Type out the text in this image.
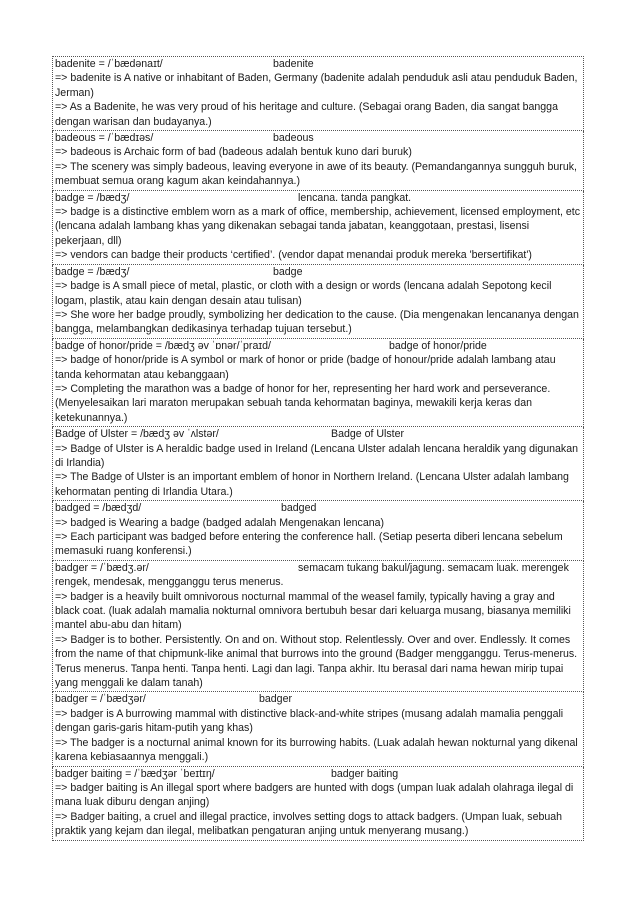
badenite = /ˈbædənaɪt/	badenite
=> badenite is A native or inhabitant of Baden, Germany (badenite adalah penduduk asli atau penduduk Baden, Jerman)
=> As a Badenite, he was very proud of his heritage and culture. (Sebagai orang Baden, dia sangat bangga dengan warisan dan budayanya.)
badeous = /ˈbædɪəs/	badeous
=> badeous is Archaic form of bad (badeous adalah bentuk kuno dari buruk)
=> The scenery was simply badeous, leaving everyone in awe of its beauty. (Pemandangannya sungguh buruk, membuat semua orang kagum akan keindahannya.)
badge = /bædʒ/	lencana. tanda pangkat.
=> badge is a distinctive emblem worn as a mark of office, membership, achievement, licensed employment, etc (lencana adalah lambang khas yang dikenakan sebagai tanda jabatan, keanggotaan, prestasi, lisensi pekerjaan, dll)
=> vendors can badge their products ‘certified’. (vendor dapat menandai produk mereka 'bersertifikat')
badge = /bædʒ/	badge
=> badge is A small piece of metal, plastic, or cloth with a design or words (lencana adalah Sepotong kecil logam, plastik, atau kain dengan desain atau tulisan)
=> She wore her badge proudly, symbolizing her dedication to the cause. (Dia mengenakan lencananya dengan bangga, melambangkan dedikasinya terhadap tujuan tersebut.)
badge of honor/pride = /bædʒ əv ˈɒnər/ˈpraɪd/	badge of honor/pride
=> badge of honor/pride is A symbol or mark of honor or pride (badge of honour/pride adalah lambang atau tanda kehormatan atau kebanggaan)
=> Completing the marathon was a badge of honor for her, representing her hard work and perseverance. (Menyelesaikan lari maraton merupakan sebuah tanda kehormatan baginya, mewakili kerja keras dan ketekunannya.)
Badge of Ulster = /bædʒ əv ˈʌlstər/	Badge of Ulster
=> Badge of Ulster is A heraldic badge used in Ireland (Lencana Ulster adalah lencana heraldik yang digunakan di Irlandia)
=> The Badge of Ulster is an important emblem of honor in Northern Ireland. (Lencana Ulster adalah lambang kehormatan penting di Irlandia Utara.)
badged = /bædʒd/	badged
=> badged is Wearing a badge (badged adalah Mengenakan lencana)
=> Each participant was badged before entering the conference hall. (Setiap peserta diberi lencana sebelum memasuki ruang konferensi.)
badger = /ˈbædʒ.ər/	semacam tukang bakul/jagung. semacam luak. merengek rengek, mendesak, mengganggu terus menerus.
=> badger is a heavily built omnivorous nocturnal mammal of the weasel family, typically having a gray and black coat. (luak adalah mamalia nokturnal omnivora bertubuh besar dari keluarga musang, biasanya memiliki mantel abu-abu dan hitam)
=> Badger is to bother. Persistently. On and on. Without stop. Relentlessly. Over and over. Endlessly. It comes from the name of that chipmunk-like animal that burrows into the ground (Badger mengganggu. Terus-menerus. Terus menerus. Tanpa henti. Tanpa henti. Lagi dan lagi. Tanpa akhir. Itu berasal dari nama hewan mirip tupai yang menggali ke dalam tanah)
badger = /ˈbædʒər/	badger
=> badger is A burrowing mammal with distinctive black-and-white stripes (musang adalah mamalia penggali dengan garis-garis hitam-putih yang khas)
=> The badger is a nocturnal animal known for its burrowing habits. (Luak adalah hewan nokturnal yang dikenal karena kebiasaannya menggali.)
badger baiting = /ˈbædʒər ˈbeɪtɪŋ/	badger baiting
=> badger baiting is An illegal sport where badgers are hunted with dogs (umpan luak adalah olahraga ilegal di mana luak diburu dengan anjing)
=> Badger baiting, a cruel and illegal practice, involves setting dogs to attack badgers. (Umpan luak, sebuah praktik yang kejam dan ilegal, melibatkan pengaturan anjing untuk menyerang musang.)
